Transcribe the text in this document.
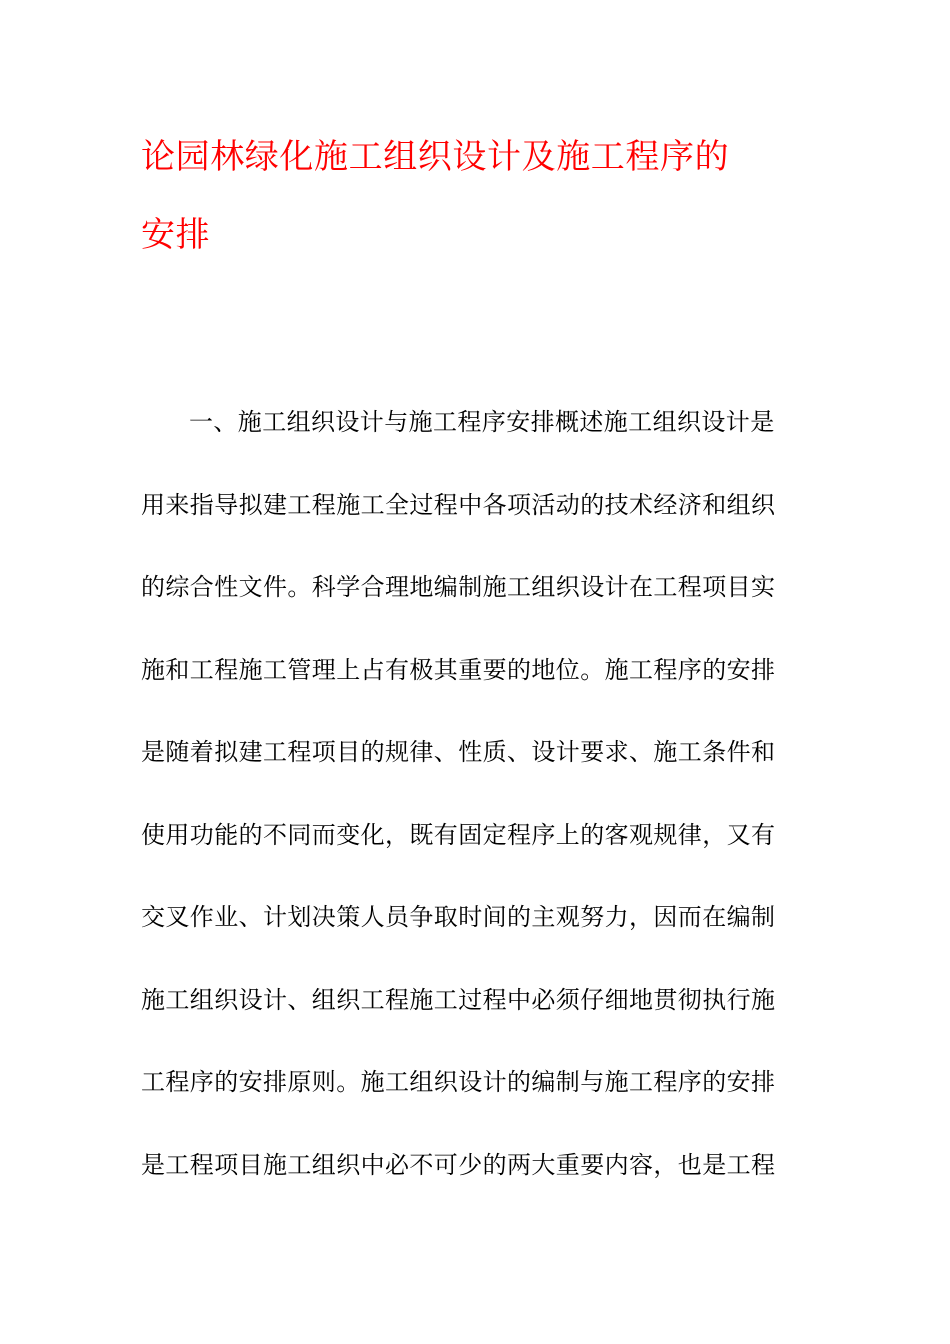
论园林绿化施工组织设计及施工程序的
安排
一、施工组织设计与施工程序安排概述施工组织设计是
用来指导拟建工程施工全过程中各项活动的技术经济和组织
的综合性文件。科学合理地编制施工组织设计在工程项目实
施和工程施工管理上占有极其重要的地位。施工程序的安排
是随着拟建工程项目的规律、性质、设计要求、施工条件和
使用功能的不同而变化，既有固定程序上的客观规律，又有
交叉作业、计划决策人员争取时间的主观努力，因而在编制
施工组织设计、组织工程施工过程中必须仔细地贯彻执行施
工程序的安排原则。施工组织设计的编制与施工程序的安排
是工程项目施工组织中必不可少的两大重要内容，也是工程
